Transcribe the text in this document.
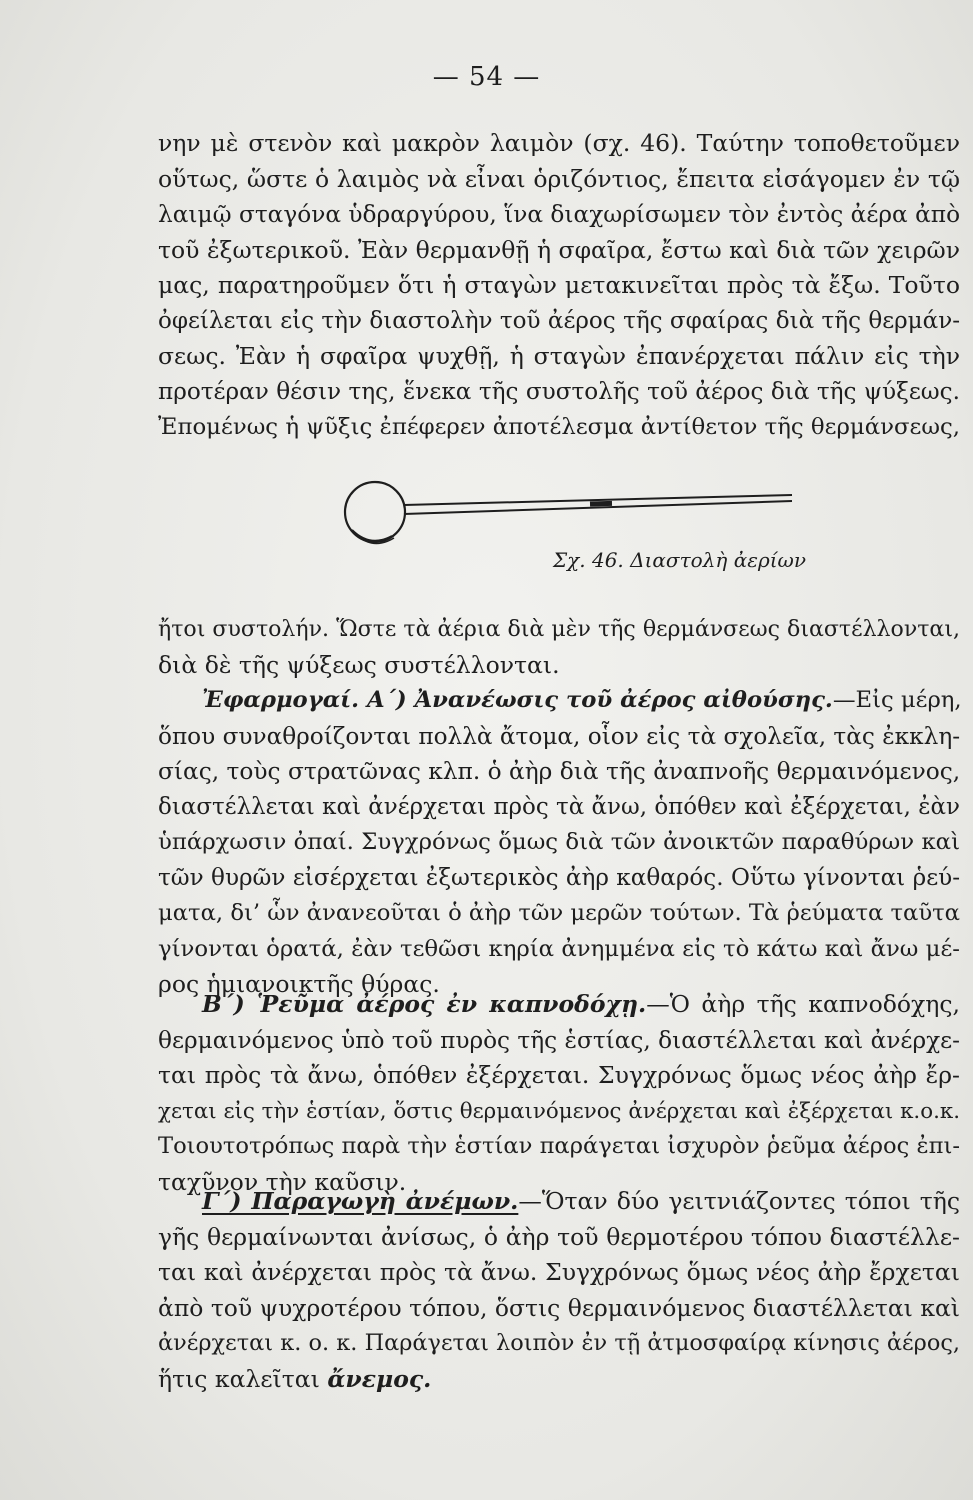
— 54 —
νην μὲ στενὸν καὶ μακρὸν λαιμὸν (σχ. 46). Ταύτην τοποθετοῦμεν
οὕτως, ὥστε ὁ λαιμὸς νὰ εἶναι ὁριζόντιος, ἔπειτα εἰσάγομεν ἐν τῷ
λαιμῷ σταγόνα ὑδραργύρου, ἵνα διαχωρίσωμεν τὸν ἐντὸς ἀέρα ἀπὸ
τοῦ ἐξωτερικοῦ. Ἐὰν θερμανθῇ ἡ σφαῖρα, ἔστω καὶ διὰ τῶν χειρῶν
μας, παρατηροῦμεν ὅτι ἡ σταγὼν μετακινεῖται πρὸς τὰ ἔξω. Τοῦτο
ὀφείλεται εἰς τὴν διαστολὴν τοῦ ἀέρος τῆς σφαίρας διὰ τῆς θερμάν-
σεως. Ἐὰν ἡ σφαῖρα ψυχθῇ, ἡ σταγὼν ἐπανέρχεται πάλιν εἰς τὴν
προτέραν θέσιν της, ἕνεκα τῆς συστολῆς τοῦ ἀέρος διὰ τῆς ψύξεως.
Ἐπομένως ἡ ψῦξις ἐπέφερεν ἀποτέλεσμα ἀντίθετον τῆς θερμάνσεως,
Σχ. 46. Διαστολὴ ἀερίων
ἤτοι συστολήν. Ὥστε τὰ ἀέρια διὰ μὲν τῆς θερμάνσεως διαστέλλονται,
διὰ δὲ τῆς ψύξεως συστέλλονται.
Ἐφαρμογαί. Α΄) Ἀνανέωσις τοῦ ἀέρος αἰθούσης.—Εἰς μέρη,
ὅπου συναθροίζονται πολλὰ ἄτομα, οἷον εἰς τὰ σχολεῖα, τὰς ἐκκλη-
σίας, τοὺς στρατῶνας κλπ. ὁ ἀὴρ διὰ τῆς ἀναπνοῆς θερμαινόμενος,
διαστέλλεται καὶ ἀνέρχεται πρὸς τὰ ἄνω, ὁπόθεν καὶ ἐξέρχεται, ἐὰν
ὑπάρχωσιν ὀπαί. Συγχρόνως ὅμως διὰ τῶν ἀνοικτῶν παραθύρων καὶ
τῶν θυρῶν εἰσέρχεται ἐξωτερικὸς ἀὴρ καθαρός. Οὕτω γίνονται ῥεύ-
ματα, δι’ ὧν ἀνανεοῦται ὁ ἀὴρ τῶν μερῶν τούτων. Τὰ ῥεύματα ταῦτα
γίνονται ὁρατά, ἐὰν τεθῶσι κηρία ἀνημμένα εἰς τὸ κάτω καὶ ἄνω μέ-
ρος ἡμιανοικτῆς θύρας.
Β΄) Ῥεῦμα ἀέρος ἐν καπνοδόχῃ.—Ὁ ἀὴρ τῆς καπνοδόχης,
θερμαινόμενος ὑπὸ τοῦ πυρὸς τῆς ἑστίας, διαστέλλεται καὶ ἀνέρχε-
ται πρὸς τὰ ἄνω, ὁπόθεν ἐξέρχεται. Συγχρόνως ὅμως νέος ἀὴρ ἔρ-
χεται εἰς τὴν ἑστίαν, ὅστις θερμαινόμενος ἀνέρχεται καὶ ἐξέρχεται κ.ο.κ.
Τοιουτοτρόπως παρὰ τὴν ἑστίαν παράγεται ἰσχυρὸν ῥεῦμα ἀέρος ἐπι-
ταχῦνον τὴν καῦσιν.
Γ΄) Παραγωγὴ ἀνέμων.—Ὅταν δύο γειτνιάζοντες τόποι τῆς
γῆς θερμαίνωνται ἀνίσως, ὁ ἀὴρ τοῦ θερμοτέρου τόπου διαστέλλε-
ται καὶ ἀνέρχεται πρὸς τὰ ἄνω. Συγχρόνως ὅμως νέος ἀὴρ ἔρχεται
ἀπὸ τοῦ ψυχροτέρου τόπου, ὅστις θερμαινόμενος διαστέλλεται καὶ
ἀνέρχεται κ. ο. κ. Παράγεται λοιπὸν ἐν τῇ ἀτμοσφαίρᾳ κίνησις ἀέρος,
ἥτις καλεῖται ἄνεμος.
